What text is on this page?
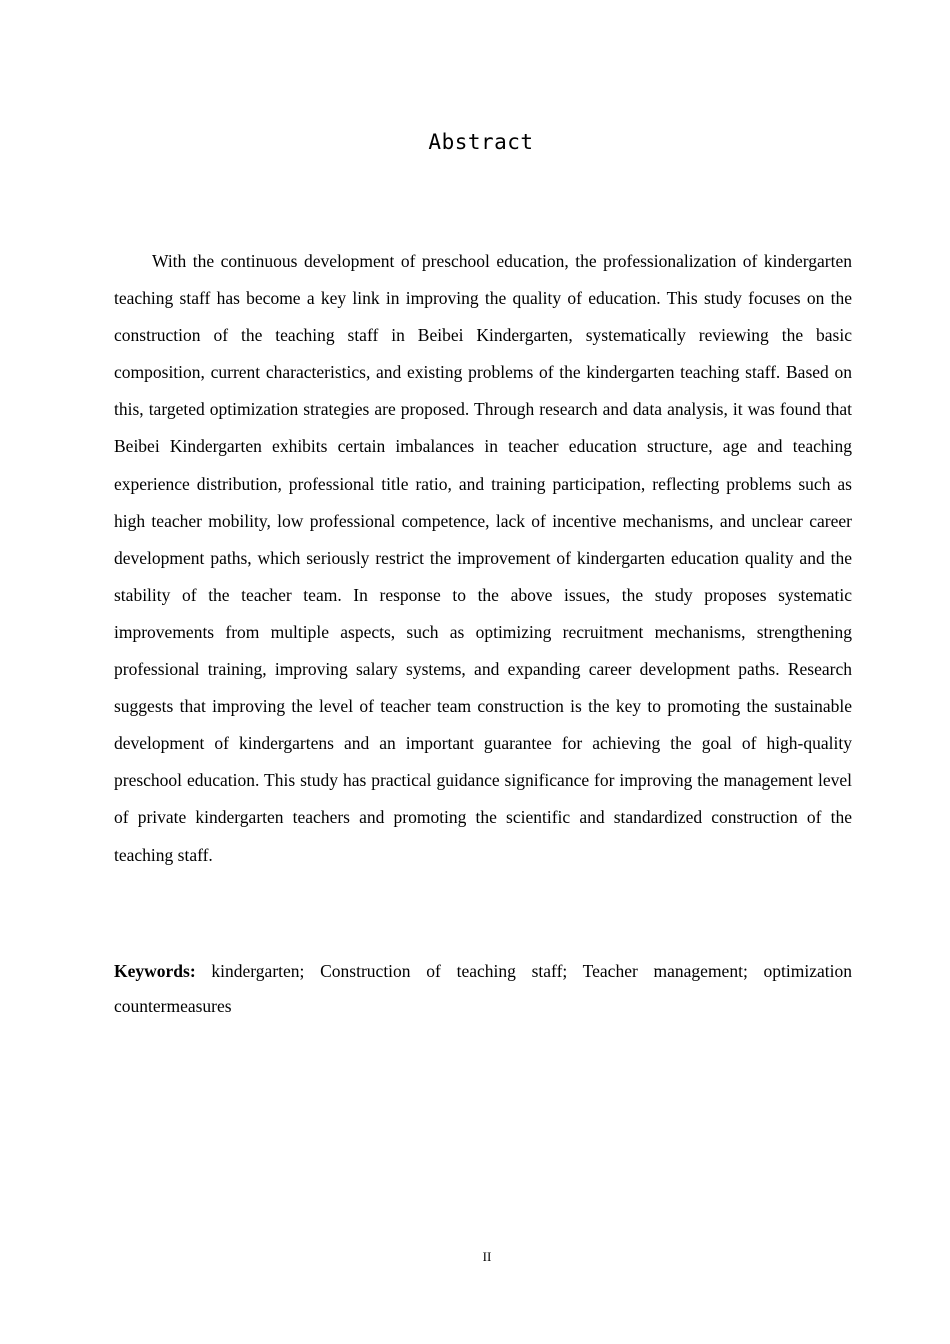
Abstract

With the continuous development of preschool education, the professionalization of kindergarten teaching staff has become a key link in improving the quality of education. This study focuses on the construction of the teaching staff in Beibei Kindergarten, systematically reviewing the basic composition, current characteristics, and existing problems of the kindergarten teaching staff. Based on this, targeted optimization strategies are proposed. Through research and data analysis, it was found that Beibei Kindergarten exhibits certain imbalances in teacher education structure, age and teaching experience distribution, professional title ratio, and training participation, reflecting problems such as high teacher mobility, low professional competence, lack of incentive mechanisms, and unclear career development paths, which seriously restrict the improvement of kindergarten education quality and the stability of the teacher team. In response to the above issues, the study proposes systematic improvements from multiple aspects, such as optimizing recruitment mechanisms, strengthening professional training, improving salary systems, and expanding career development paths. Research suggests that improving the level of teacher team construction is the key to promoting the sustainable development of kindergartens and an important guarantee for achieving the goal of high-quality preschool education. This study has practical guidance significance for improving the management level of private kindergarten teachers and promoting the scientific and standardized construction of the teaching staff.

Keywords: kindergarten; Construction of teaching staff; Teacher management; optimization countermeasures

II
